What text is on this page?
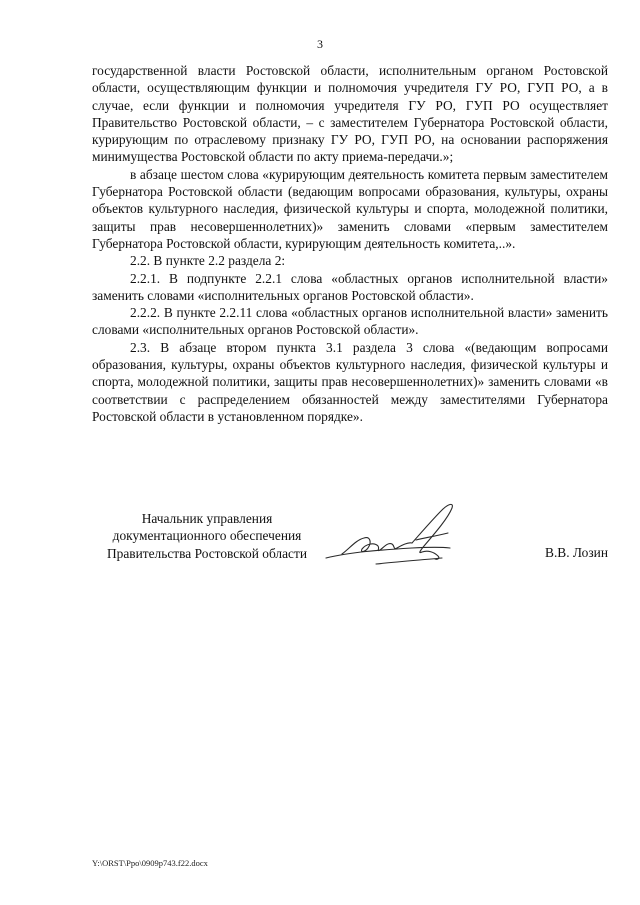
3

государственной власти Ростовской области, исполнительным органом Ростовской области, осуществляющим функции и полномочия учредителя ГУ РО, ГУП РО, а в случае, если функции и полномочия учредителя ГУ РО, ГУП РО осуществляет Правительство Ростовской области, – с заместителем Губернатора Ростовской области, курирующим по отраслевому признаку ГУ РО, ГУП РО, на основании распоряжения минимущества Ростовской области по акту приема-передачи.»;

в абзаце шестом слова «курирующим деятельность комитета первым заместителем Губернатора Ростовской области (ведающим вопросами образования, культуры, охраны объектов культурного наследия, физической культуры и спорта, молодежной политики, защиты прав несовершеннолетних)» заменить словами «первым заместителем Губернатора Ростовской области, курирующим деятельность комитета,..».

2.2. В пункте 2.2 раздела 2:

2.2.1. В подпункте 2.2.1 слова «областных органов исполнительной власти» заменить словами «исполнительных органов Ростовской области».

2.2.2. В пункте 2.2.11 слова «областных органов исполнительной власти» заменить словами «исполнительных органов Ростовской области».

2.3. В абзаце втором пункта 3.1 раздела 3 слова «(ведающим вопросами образования, культуры, охраны объектов культурного наследия, физической культуры и спорта, молодежной политики, защиты прав несовершеннолетних)» заменить словами «в соответствии с распределением обязанностей между заместителями Губернатора Ростовской области в установленном порядке».

Начальник управления
документационного обеспечения
Правительства Ростовской области	В.В. Лозин
Y:\ORST\Ppo\0909p743.f22.docx
